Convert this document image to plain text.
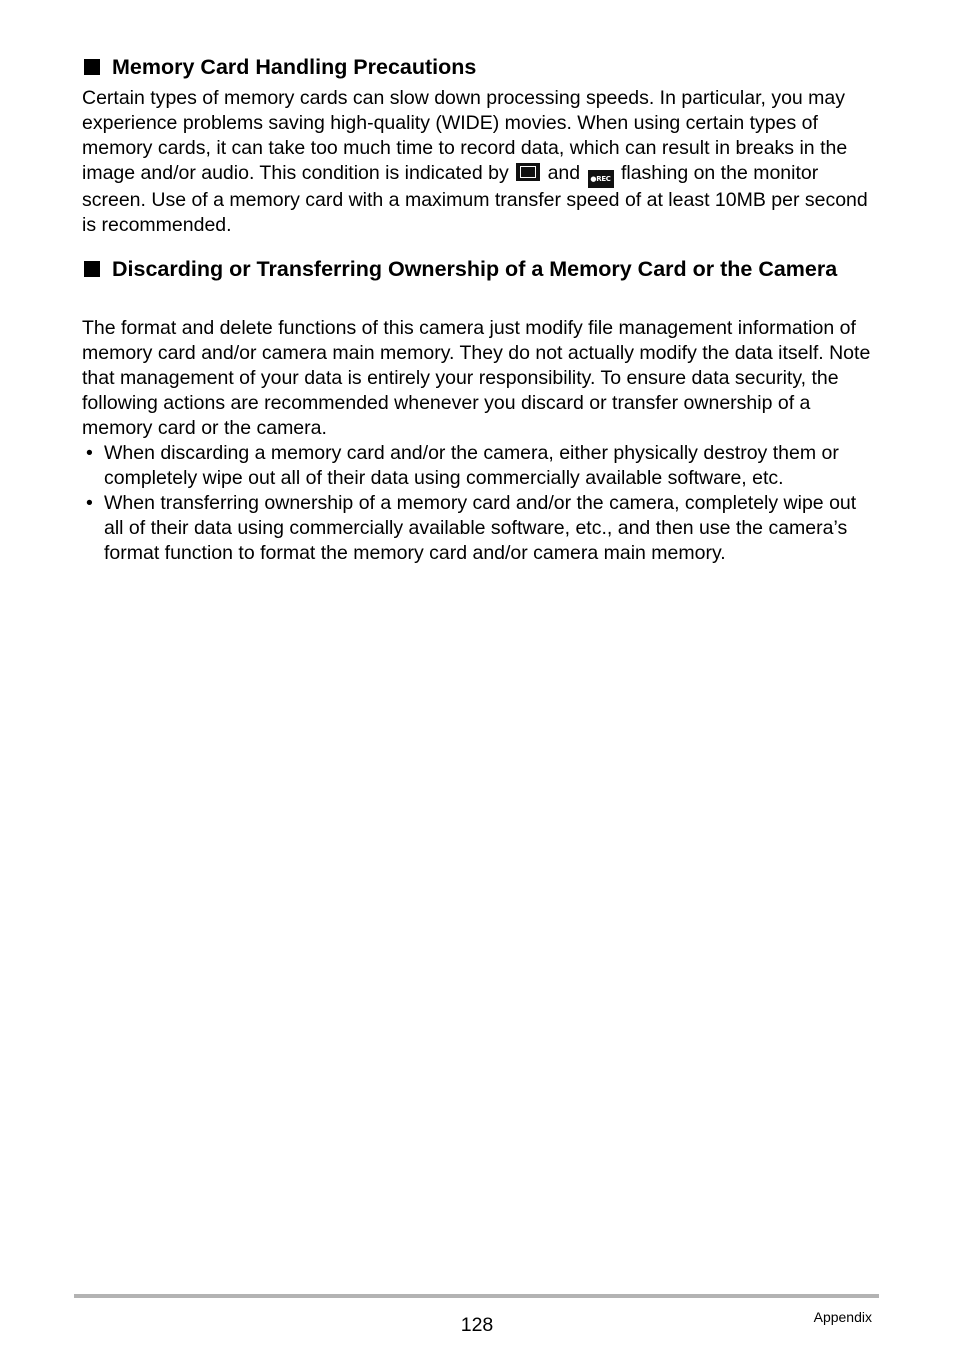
Memory Card Handling Precautions

Certain types of memory cards can slow down processing speeds. In particular, you may experience problems saving high-quality (WIDE) movies. When using certain types of memory cards, it can take too much time to record data, which can result in breaks in the image and/or audio. This condition is indicated by
and ●REC flashing on the monitor screen. Use of a memory card with a maximum transfer speed of at least 10MB per second is recommended.

Discarding or Transferring Ownership of a Memory Card or the Camera

The format and delete functions of this camera just modify file management information of memory card and/or camera main memory. They do not actually modify the data itself. Note that management of your data is entirely your responsibility. To ensure data security, the following actions are recommended whenever you discard or transfer ownership of a memory card or the camera.

• When discarding a memory card and/or the camera, either physically destroy them or completely wipe out all of their data using commercially available software, etc.
• When transferring ownership of a memory card and/or the camera, completely wipe out all of their data using commercially available software, etc., and then use the camera’s format function to format the memory card and/or camera main memory.
128	Appendix
